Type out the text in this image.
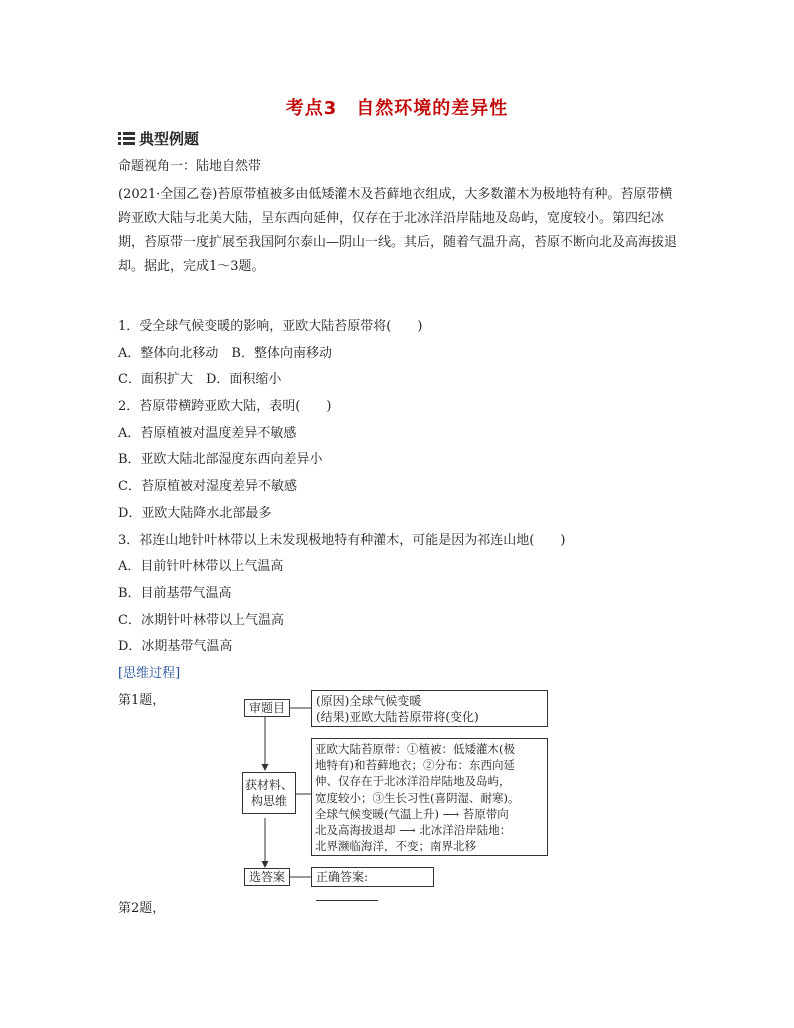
考点3　自然环境的差异性
典型例题
命题视角一：陆地自然带
(2021·全国乙卷)苔原带植被多由低矮灌木及苔藓地衣组成，大多数灌木为极地特有种。苔原带横跨亚欧大陆与北美大陆，呈东西向延伸，仅存在于北冰洋沿岸陆地及岛屿，宽度较小。第四纪冰期，苔原带一度扩展至我国阿尔泰山—阴山一线。其后，随着气温升高，苔原不断向北及高海拔退却。据此，完成1～3题。
1．受全球气候变暖的影响，亚欧大陆苔原带将(　　)
A．整体向北移动　B．整体向南移动
C．面积扩大　D．面积缩小
2．苔原带横跨亚欧大陆，表明(　　)
A．苔原植被对温度差异不敏感
B．亚欧大陆北部湿度东西向差异小
C．苔原植被对湿度差异不敏感
D．亚欧大陆降水北部最多
3．祁连山地针叶林带以上未发现极地特有种灌木，可能是因为祁连山地(　　)
A．目前针叶林带以上气温高
B．目前基带气温高
C．冰期针叶林带以上气温高
D．冰期基带气温高
[思维过程]
第1题，
审题目	(原因)全球气候变暖
(结果)亚欧大陆苔原带将(变化)
获材料、构思维
亚欧大陆苔原带：①植被：低矮灌木(极
地特有)和苔藓地衣；②分布：东西向延
伸、仅存在于北冰洋沿岸陆地及岛屿，
宽度较小；③生长习性(喜阴湿、耐寒)。
全球气候变暖(气温上升) ⟶ 苔原带向
北及高海拔退却 ⟶ 北冰洋沿岸陆地：
北界濒临海洋，不变；南界北移
选答案	正确答案:
第2题，
